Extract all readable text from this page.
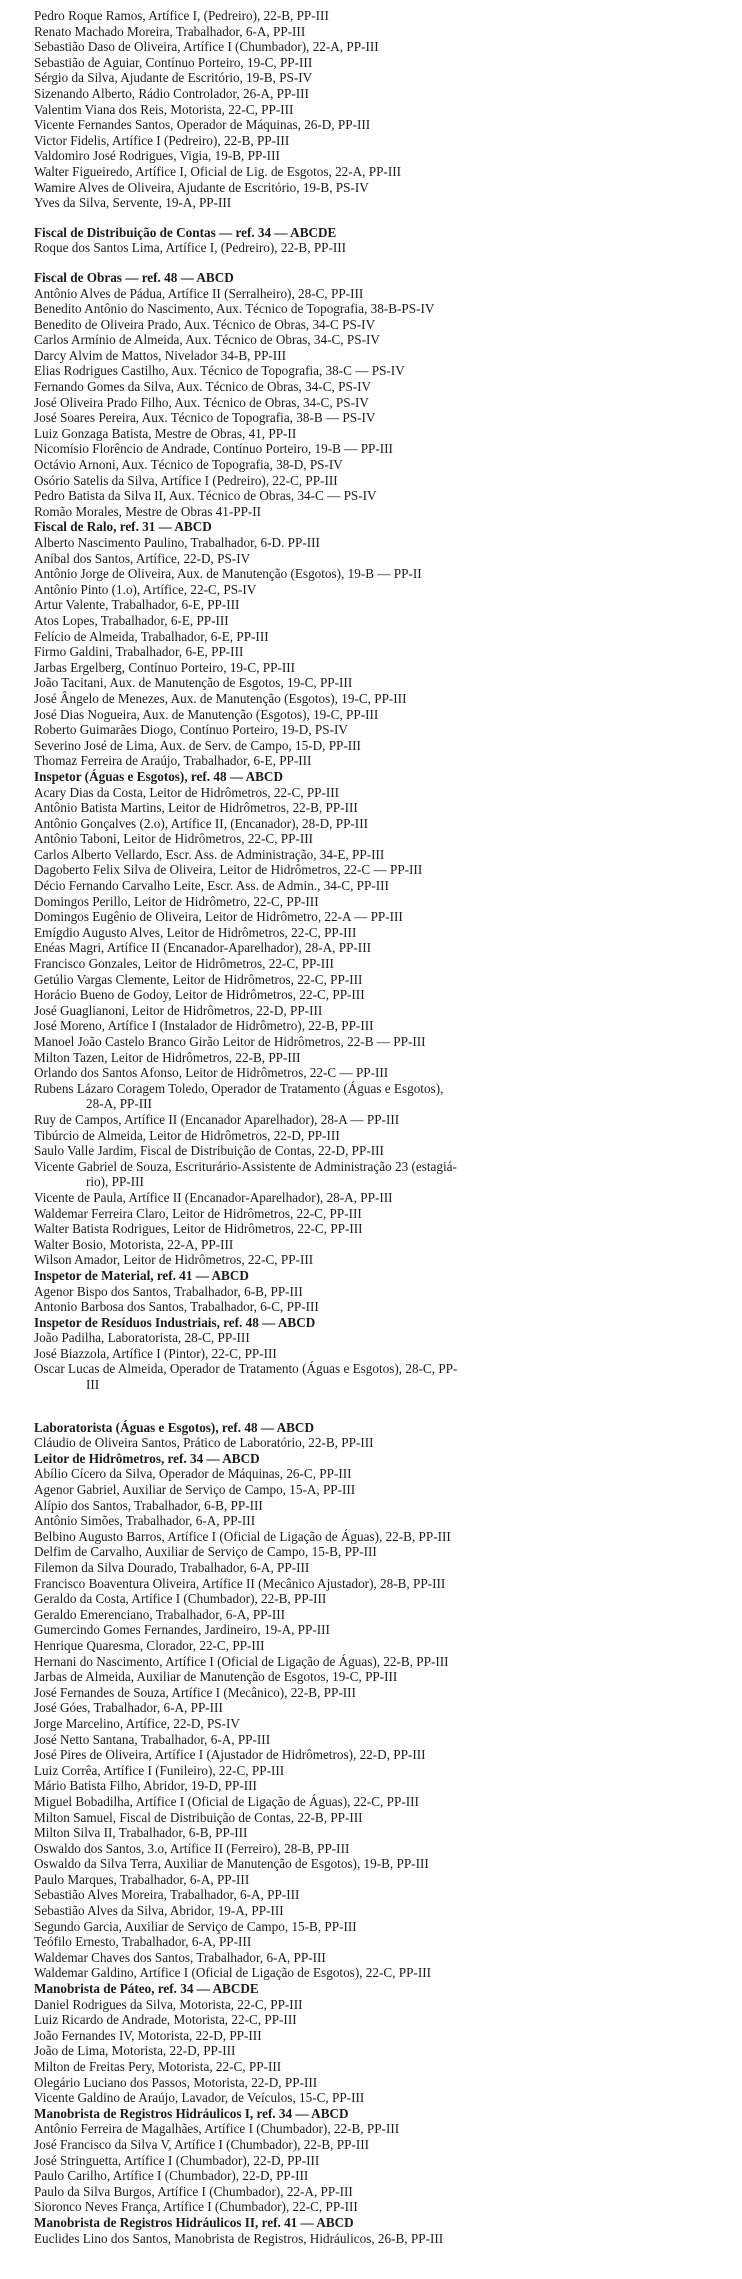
Pedro Roque Ramos, Artífice I, (Pedreiro), 22-B, PP-III
Renato Machado Moreira, Trabalhador, 6-A, PP-III
Sebastião Daso de Oliveira, Artífice I (Chumbador), 22-A, PP-III
Sebastião de Aguiar, Contínuo Porteiro, 19-C, PP-III
Sérgio da Silva, Ajudante de Escritório, 19-B, PS-IV
Sizenando Alberto, Rádio Controlador, 26-A, PP-III
Valentim Viana dos Reis, Motorista, 22-C, PP-III
Vicente Fernandes Santos, Operador de Máquinas, 26-D, PP-III
Victor Fidelis, Artífice I (Pedreiro), 22-B, PP-III
Valdomiro José Rodrigues, Vigia, 19-B, PP-III
Walter Figueiredo, Artífice I, Oficial de Lig. de Esgotos, 22-A, PP-III
Wamire Alves de Oliveira, Ajudante de Escritório, 19-B, PS-IV
Yves da Silva, Servente, 19-A, PP-III
Fiscal de Distribuição de Contas — ref. 34 — ABCDE
Roque dos Santos Lima, Artífice I, (Pedreiro), 22-B, PP-III
Fiscal de Obras — ref. 48 — ABCD
Antônio Alves de Pádua, Artífice II (Serralheiro), 28-C, PP-III
Benedito Antônio do Nascimento, Aux. Técnico de Topografia, 38-B-PS-IV
Benedito de Oliveira Prado, Aux. Técnico de Obras, 34-C PS-IV
Carlos Armínio de Almeida, Aux. Técnico de Obras, 34-C, PS-IV
Darcy Alvim de Mattos, Nivelador 34-B, PP-III
Elias Rodrigues Castilho, Aux. Técnico de Topografia, 38-C — PS-IV
Fernando Gomes da Silva, Aux. Técnico de Obras, 34-C, PS-IV
José Oliveira Prado Filho, Aux. Técnico de Obras, 34-C, PS-IV
José Soares Pereira, Aux. Técnico de Topografia, 38-B — PS-IV
Luiz Gonzaga Batista, Mestre de Obras, 41, PP-II
Nicomísio Florêncio de Andrade, Contínuo Porteiro, 19-B — PP-III
Octávio Arnoni, Aux. Técnico de Topografia, 38-D, PS-IV
Osório Satelis da Silva, Artífice I (Pedreiro), 22-C, PP-III
Pedro Batista da Silva II, Aux. Técnico de Obras, 34-C — PS-IV
Romão Morales, Mestre de Obras 41-PP-II
Fiscal de Ralo, ref. 31 — ABCD
Alberto Nascimento Paulino, Trabalhador, 6-D. PP-III
Aníbal dos Santos, Artífice, 22-D, PS-IV
Antônio Jorge de Oliveira, Aux. de Manutenção (Esgotos), 19-B — PP-II
Antônio Pinto (1.o), Artífice, 22-C, PS-IV
Artur Valente, Trabalhador, 6-E, PP-III
Atos Lopes, Trabalhador, 6-E, PP-III
Felício de Almeida, Trabalhador, 6-E, PP-III
Firmo Galdini, Trabalhador, 6-E, PP-III
Jarbas Ergelberg, Contínuo Porteiro, 19-C, PP-III
João Tacitani, Aux. de Manutenção de Esgotos, 19-C, PP-III
José Ângelo de Menezes, Aux. de Manutenção (Esgotos), 19-C, PP-III
José Dias Nogueira, Aux. de Manutenção (Esgotos), 19-C, PP-III
Roberto Guimarães Diogo, Contínuo Porteiro, 19-D, PS-IV
Severino José de Lima, Aux. de Serv. de Campo, 15-D, PP-III
Thomaz Ferreira de Araújo, Trabalhador, 6-E, PP-III
Inspetor (Águas e Esgotos), ref. 48 — ABCD
Acary Dias da Costa, Leitor de Hidrômetros, 22-C, PP-III
Antônio Batista Martins, Leitor de Hidrômetros, 22-B, PP-III
Antônio Gonçalves (2.o), Artífice II, (Encanador), 28-D, PP-III
Antônio Taboni, Leitor de Hidrômetros, 22-C, PP-III
Carlos Alberto Vellardo, Escr. Ass. de Administração, 34-E, PP-III
Dagoberto Felix Silva de Oliveira, Leitor de Hidrômetros, 22-C — PP-III
Décio Fernando Carvalho Leite, Escr. Ass. de Admin., 34-C, PP-III
Domingos Perillo, Leitor de Hidrômetro, 22-C, PP-III
Domingos Eugênio de Oliveira, Leitor de Hidrômetro, 22-A — PP-III
Emígdio Augusto Alves, Leitor de Hidrômetros, 22-C, PP-III
Enéas Magri, Artífice II (Encanador-Aparelhador), 28-A, PP-III
Francisco Gonzales, Leitor de Hidrômetros, 22-C, PP-III
Getúlio Vargas Clemente, Leitor de Hidrômetros, 22-C, PP-III
Horácio Bueno de Godoy, Leitor de Hidrômetros, 22-C, PP-III
José Guaglianoni, Leitor de Hidrômetros, 22-D, PP-III
José Moreno, Artífice I (Instalador de Hidrômetro), 22-B, PP-III
Manoel João Castelo Branco Girão Leitor de Hidrômetros, 22-B — PP-III
Milton Tazen, Leitor de Hidrômetros, 22-B, PP-III
Orlando dos Santos Afonso, Leitor de Hidrômetros, 22-C — PP-III
Rubens Lázaro Coragem Toledo, Operador de Tratamento (Águas e Esgotos),
28-A, PP-III
Ruy de Campos, Artífice II (Encanador Aparelhador), 28-A — PP-III
Tibúrcio de Almeida, Leitor de Hidrômetros, 22-D, PP-III
Saulo Valle Jardim, Fiscal de Distribuição de Contas, 22-D, PP-III
Vicente Gabriel de Souza, Escriturário-Assistente de Administração 23 (estagiá-
rio), PP-III
Vicente de Paula, Artífice II (Encanador-Aparelhador), 28-A, PP-III
Waldemar Ferreira Claro, Leitor de Hidrômetros, 22-C, PP-III
Walter Batista Rodrigues, Leitor de Hidrômetros, 22-C, PP-III
Walter Bosio, Motorista, 22-A, PP-III
Wilson Amador, Leitor de Hidrômetros, 22-C, PP-III
Inspetor de Material, ref. 41 — ABCD
Agenor Bispo dos Santos, Trabalhador, 6-B, PP-III
Antonio Barbosa dos Santos, Trabalhador, 6-C, PP-III
Inspetor de Resíduos Industriais, ref. 48 — ABCD
João Padilha, Laboratorista, 28-C, PP-III
José Biazzola, Artífice I (Pintor), 22-C, PP-III
Oscar Lucas de Almeida, Operador de Tratamento (Águas e Esgotos), 28-C, PP-
III
Laboratorista (Águas e Esgotos), ref. 48 — ABCD
Cláudio de Oliveira Santos, Prático de Laboratório, 22-B, PP-III
Leitor de Hidrômetros, ref. 34 — ABCD
Abílio Cícero da Silva, Operador de Máquinas, 26-C, PP-III
Agenor Gabriel, Auxiliar de Serviço de Campo, 15-A, PP-III
Alípio dos Santos, Trabalhador, 6-B, PP-III
Antônio Simões, Trabalhador, 6-A, PP-III
Belbino Augusto Barros, Artífice I (Oficial de Ligação de Águas), 22-B, PP-III
Delfim de Carvalho, Auxiliar de Serviço de Campo, 15-B, PP-III
Filemon da Silva Dourado, Trabalhador, 6-A, PP-III
Francisco Boaventura Oliveira, Artífice II (Mecânico Ajustador), 28-B, PP-III
Geraldo da Costa, Artífice I (Chumbador), 22-B, PP-III
Geraldo Emerenciano, Trabalhador, 6-A, PP-III
Gumercindo Gomes Fernandes, Jardineiro, 19-A, PP-III
Henrique Quaresma, Clorador, 22-C, PP-III
Hernani do Nascimento, Artífice I (Oficial de Ligação de Águas), 22-B, PP-III
Jarbas de Almeida, Auxiliar de Manutenção de Esgotos, 19-C, PP-III
José Fernandes de Souza, Artífice I (Mecânico), 22-B, PP-III
José Góes, Trabalhador, 6-A, PP-III
Jorge Marcelino, Artífice, 22-D, PS-IV
José Netto Santana, Trabalhador, 6-A, PP-III
José Pires de Oliveira, Artífice I (Ajustador de Hidrômetros), 22-D, PP-III
Luiz Corrêa, Artífice I (Funileiro), 22-C, PP-III
Mário Batista Filho, Abridor, 19-D, PP-III
Miguel Bobadilha, Artífice I (Oficial de Ligação de Águas), 22-C, PP-III
Milton Samuel, Fiscal de Distribuição de Contas, 22-B, PP-III
Milton Silva II, Trabalhador, 6-B, PP-III
Oswaldo dos Santos, 3.o, Artífice II (Ferreiro), 28-B, PP-III
Oswaldo da Silva Terra, Auxiliar de Manutenção de Esgotos), 19-B, PP-III
Paulo Marques, Trabalhador, 6-A, PP-III
Sebastião Alves Moreira, Trabalhador, 6-A, PP-III
Sebastião Alves da Silva, Abridor, 19-A, PP-III
Segundo Garcia, Auxiliar de Serviço de Campo, 15-B, PP-III
Teófilo Ernesto, Trabalhador, 6-A, PP-III
Waldemar Chaves dos Santos, Trabalhador, 6-A, PP-III
Waldemar Galdino, Artífice I (Oficial de Ligação de Esgotos), 22-C, PP-III
Manobrista de Páteo, ref. 34 — ABCDE
Daniel Rodrigues da Silva, Motorista, 22-C, PP-III
Luiz Ricardo de Andrade, Motorista, 22-C, PP-III
João Fernandes IV, Motorista, 22-D, PP-III
João de Lima, Motorista, 22-D, PP-III
Milton de Freitas Pery, Motorista, 22-C, PP-III
Olegário Luciano dos Passos, Motorista, 22-D, PP-III
Vicente Galdino de Araújo, Lavador, de Veículos, 15-C, PP-III
Manobrista de Registros Hidráulicos I, ref. 34 — ABCD
Antônio Ferreira de Magalhães, Artífice I (Chumbador), 22-B, PP-III
José Francisco da Silva V, Artífice I (Chumbador), 22-B, PP-III
José Stringuetta, Artífice I (Chumbador), 22-D, PP-III
Paulo Carilho, Artífice I (Chumbador), 22-D, PP-III
Paulo da Silva Burgos, Artífice I (Chumbador), 22-A, PP-III
Sioronco Neves França, Artífice I (Chumbador), 22-C, PP-III
Manobrista de Registros Hidráulicos II, ref. 41 — ABCD
Euclides Lino dos Santos, Manobrista de Registros, Hidráulicos, 26-B, PP-III
